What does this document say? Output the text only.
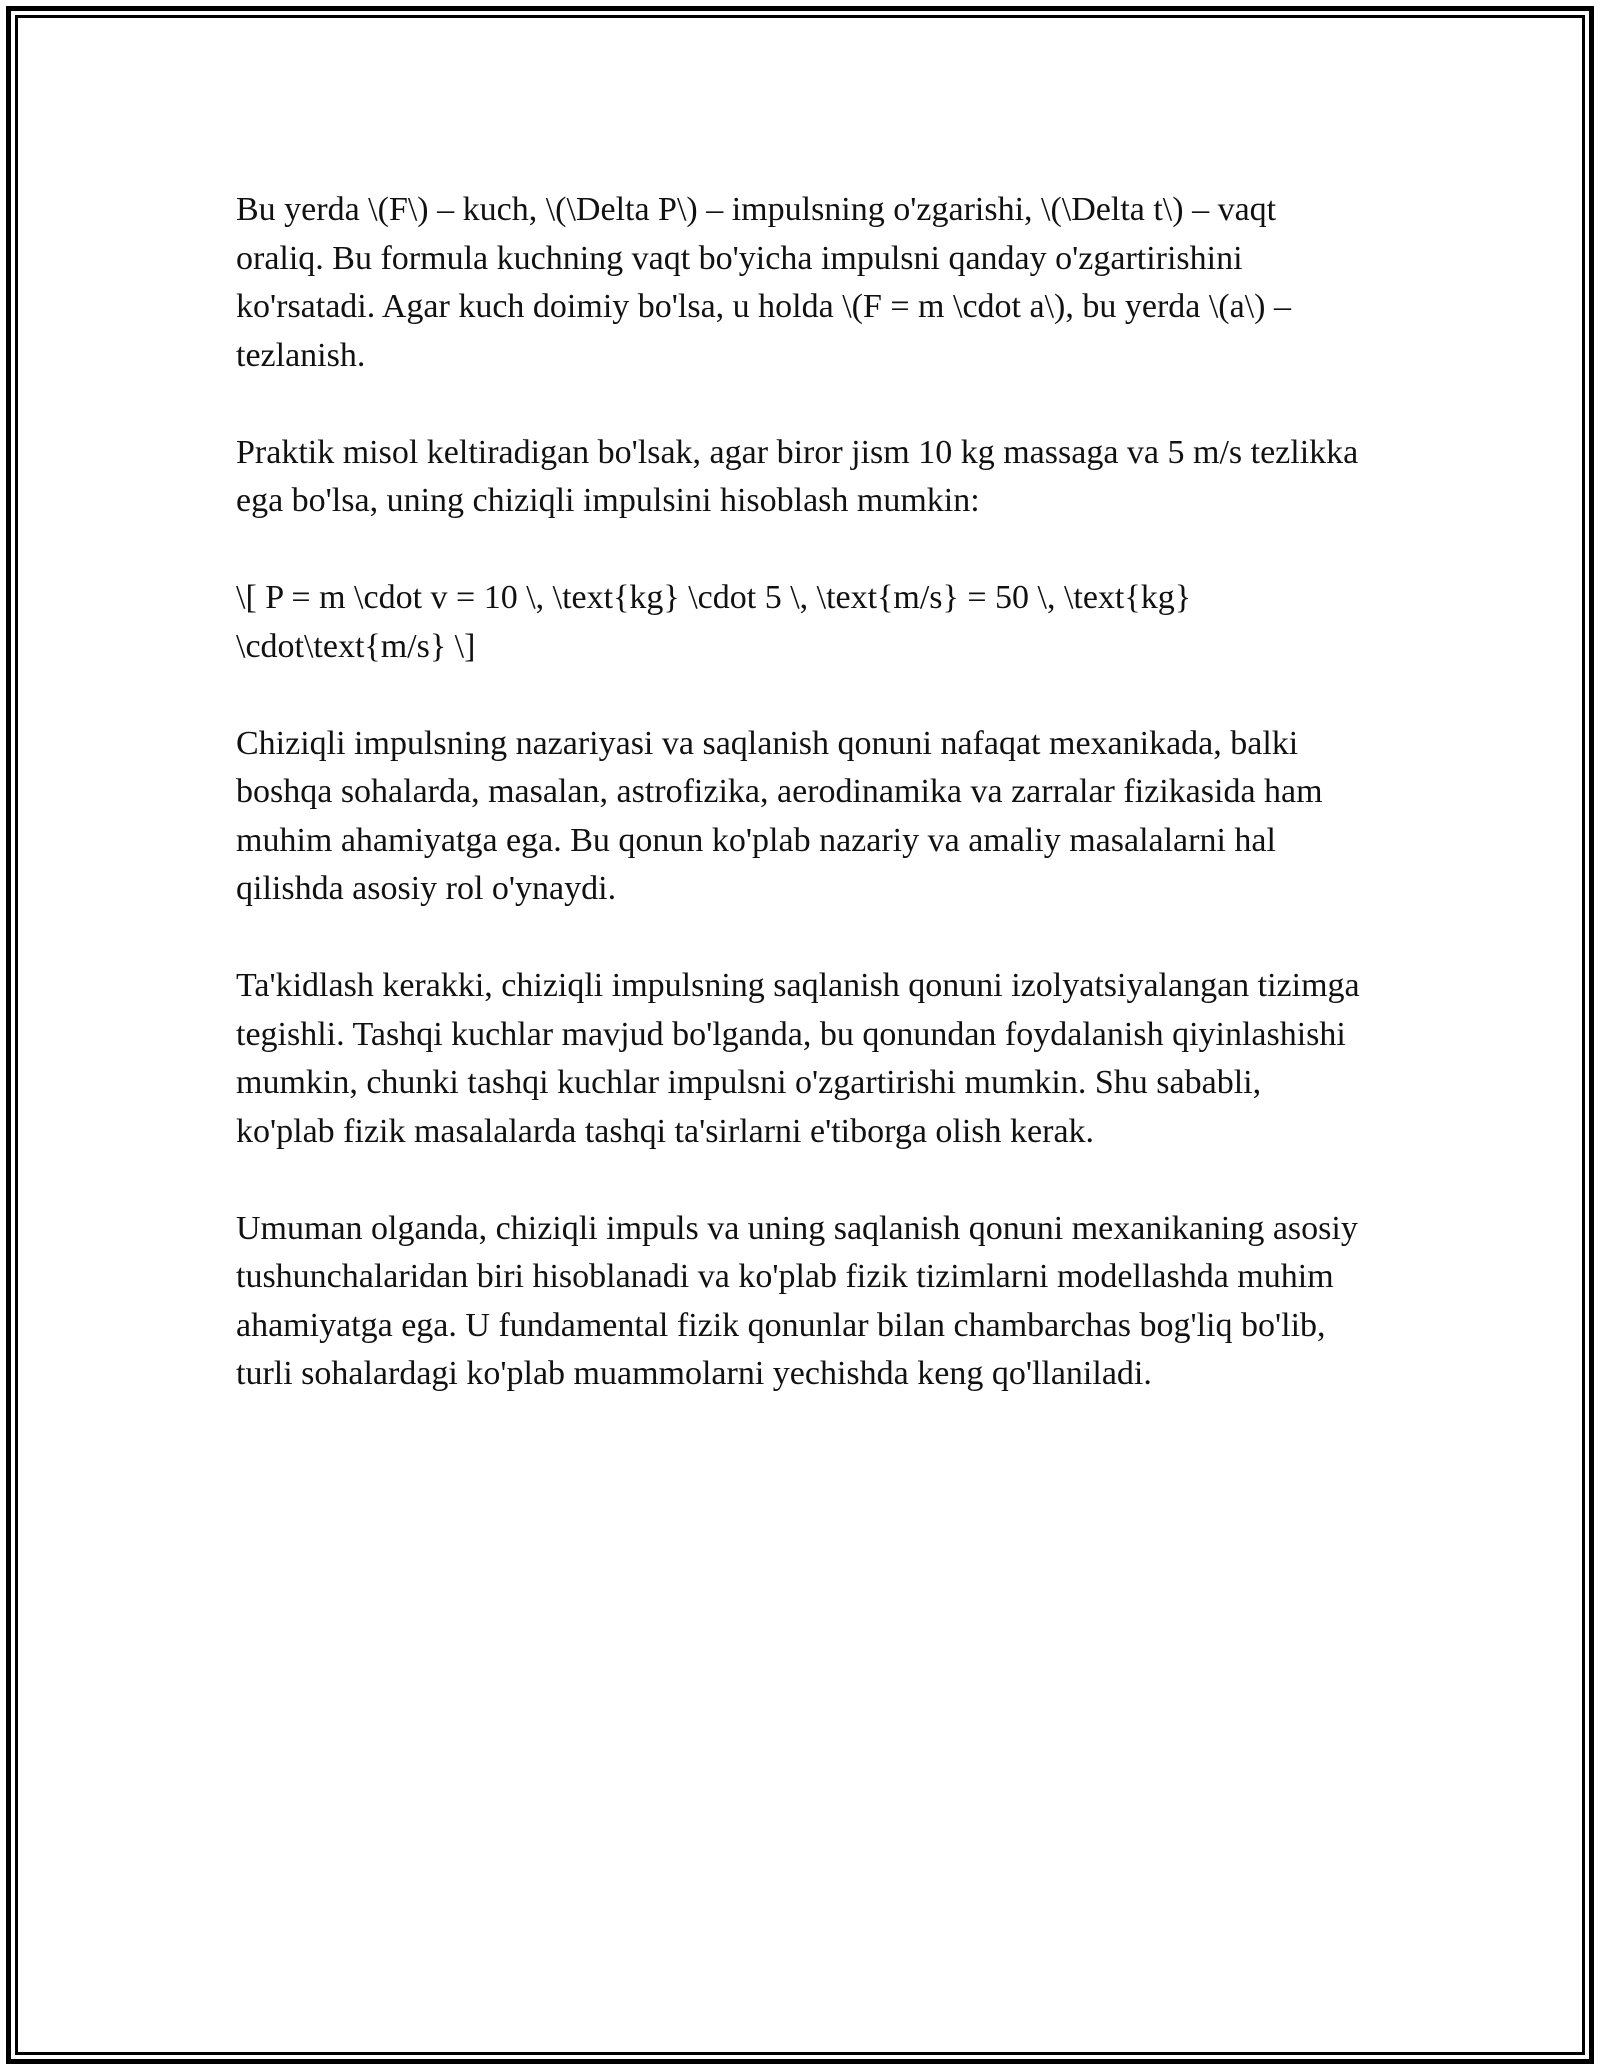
Bu yerda \(F\) – kuch, \(\Delta P\) – impulsning o'zgarishi, \(\Delta t\) – vaqt oraliq. Bu formula kuchning vaqt bo'yicha impulsni qanday o'zgartirishini ko'rsatadi. Agar kuch doimiy bo'lsa, u holda \(F = m \cdot a\), bu yerda \(a\) – tezlanish.

Praktik misol keltiradigan bo'lsak, agar biror jism 10 kg massaga va 5 m/s tezlikka ega bo'lsa, uning chiziqli impulsini hisoblash mumkin:

\[ P = m \cdot v = 10 \, \text{kg} \cdot 5 \, \text{m/s} = 50 \, \text{kg} \cdot\text{m/s} \]

Chiziqli impulsning nazariyasi va saqlanish qonuni nafaqat mexanikada, balki boshqa sohalarda, masalan, astrofizika, aerodinamika va zarralar fizikasida ham muhim ahamiyatga ega. Bu qonun ko'plab nazariy va amaliy masalalarni hal qilishda asosiy rol o'ynaydi.

Ta'kidlash kerakki, chiziqli impulsning saqlanish qonuni izolyatsiyalangan tizimga tegishli. Tashqi kuchlar mavjud bo'lganda, bu qonundan foydalanish qiyinlashishi mumkin, chunki tashqi kuchlar impulsni o'zgartirishi mumkin. Shu sababli, ko'plab fizik masalalarda tashqi ta'sirlarni e'tiborga olish kerak.

Umuman olganda, chiziqli impuls va uning saqlanish qonuni mexanikaning asosiy tushunchalaridan biri hisoblanadi va ko'plab fizik tizimlarni modellashda muhim ahamiyatga ega. U fundamental fizik qonunlar bilan chambarchas bog'liq bo'lib, turli sohalardagi ko'plab muammolarni yechishda keng qo'llaniladi.
